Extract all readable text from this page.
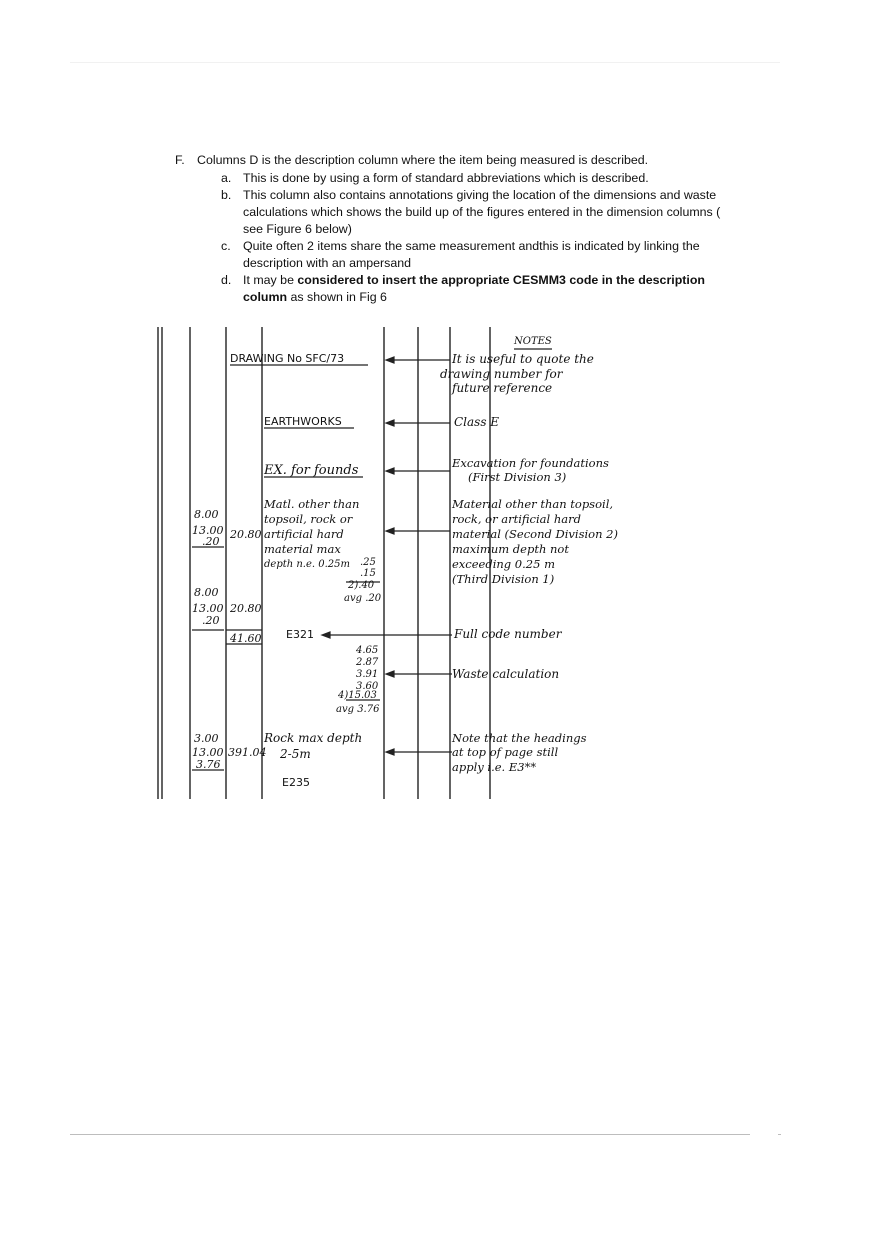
F. Columns D is the description column where the item being measured is described.
a. This is done by using a form of standard abbreviations which is described.
b. This column also contains annotations giving the location of the dimensions and waste calculations which shows the build up of the figures entered in the dimension columns ( see Figure 6 below)
c. Quite often 2 items share the same measurement andthis is indicated by linking the description with an ampersand
d. It may be considered to insert the appropriate CESMM3 code in the description column as shown in Fig 6
NOTES
DRAWING No SFC/73
EARTHWORKS
EX. for founds
Matl. other than
topsoil, rock or
artificial hard
material max
depth n.e. 0.25m
8.00
13.00
.20
20.80
.25
.15
2).40
avg .20
8.00
13.00
.20
20.80
41.60 E321
4.65
2.87
3.91
3.60
4)15.03
avg 3.76
3.00
13.00
3.76
391.04
Rock max depth
2-5m
E235
It is useful to quote the
drawing number for
future reference
Class E
Excavation for foundations
(First Division 3)
Material other than topsoil,
rock, or artificial hard
material (Second Division 2)
maximum depth not
exceeding 0.25 m
(Third Division 1)
Full code number
Waste calculation
Note that the headings
at top of page still
apply i.e. E3**
